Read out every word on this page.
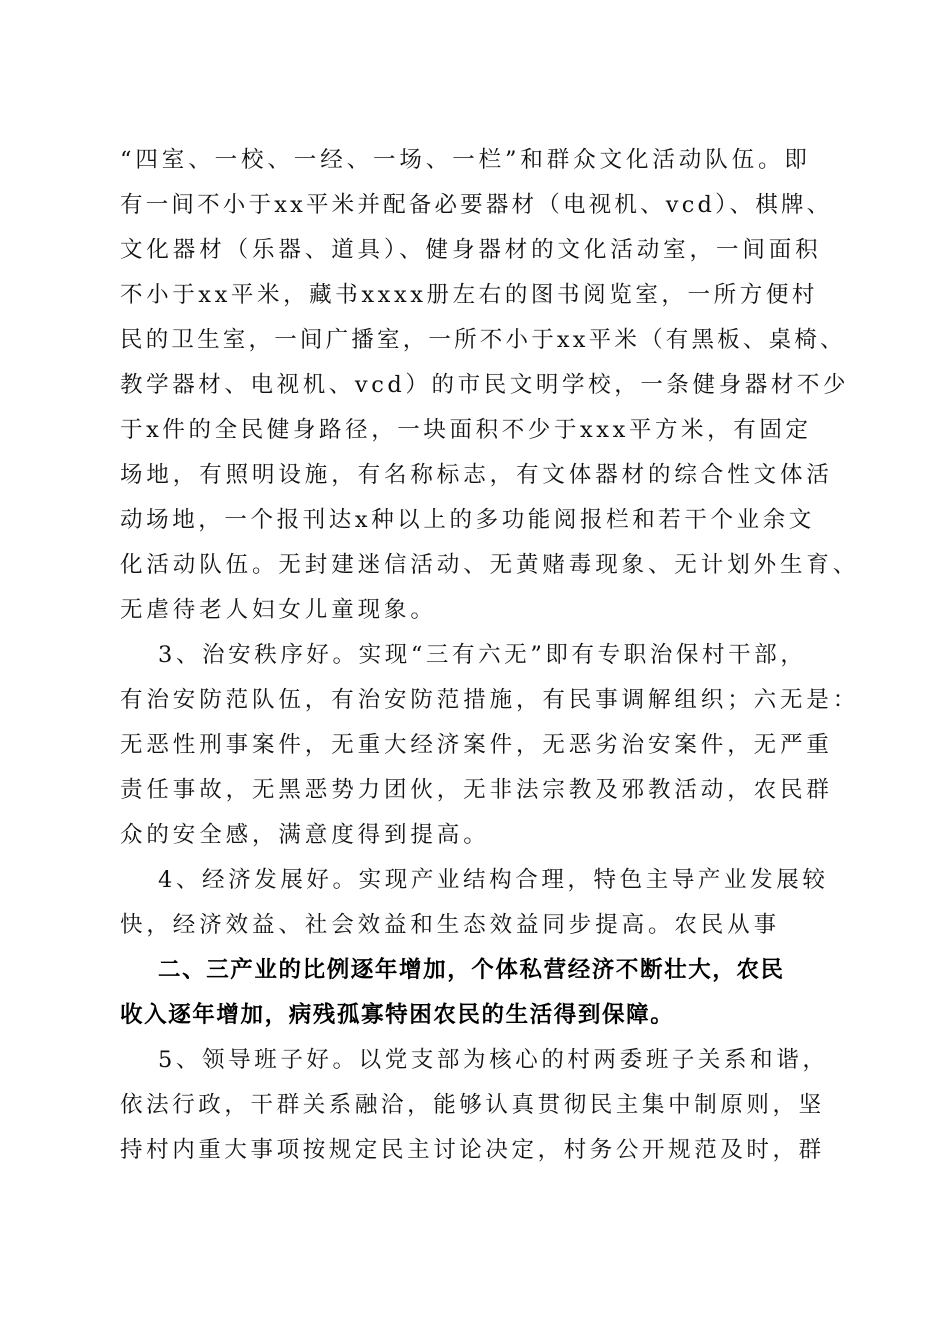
“四室、一校、一经、一场、一栏”和群众文化活动队伍。即
有一间不小于xx平米并配备必要器材（电视机、vcd）、棋牌、
文化器材（乐器、道具）、健身器材的文化活动室，一间面积
不小于xx平米，藏书xxxx册左右的图书阅览室，一所方便村
民的卫生室，一间广播室，一所不小于xx平米（有黑板、桌椅、
教学器材、电视机、vcd）的市民文明学校，一条健身器材不少
于x件的全民健身路径，一块面积不少于xxx平方米，有固定
场地，有照明设施，有名称标志，有文体器材的综合性文体活
动场地，一个报刊达x种以上的多功能阅报栏和若干个业余文
化活动队伍。无封建迷信活动、无黄赌毒现象、无计划外生育、
无虐待老人妇女儿童现象。
3、治安秩序好。实现“三有六无”即有专职治保村干部，
有治安防范队伍，有治安防范措施，有民事调解组织；六无是：
无恶性刑事案件，无重大经济案件，无恶劣治安案件，无严重
责任事故，无黑恶势力团伙，无非法宗教及邪教活动，农民群
众的安全感，满意度得到提高。
4、经济发展好。实现产业结构合理，特色主导产业发展较
快，经济效益、社会效益和生态效益同步提高。农民从事
二、三产业的比例逐年增加，个体私营经济不断壮大，农民
收入逐年增加，病残孤寡特困农民的生活得到保障。
5、领导班子好。以党支部为核心的村两委班子关系和谐，
依法行政，干群关系融洽，能够认真贯彻民主集中制原则，坚
持村内重大事项按规定民主讨论决定，村务公开规范及时，群
